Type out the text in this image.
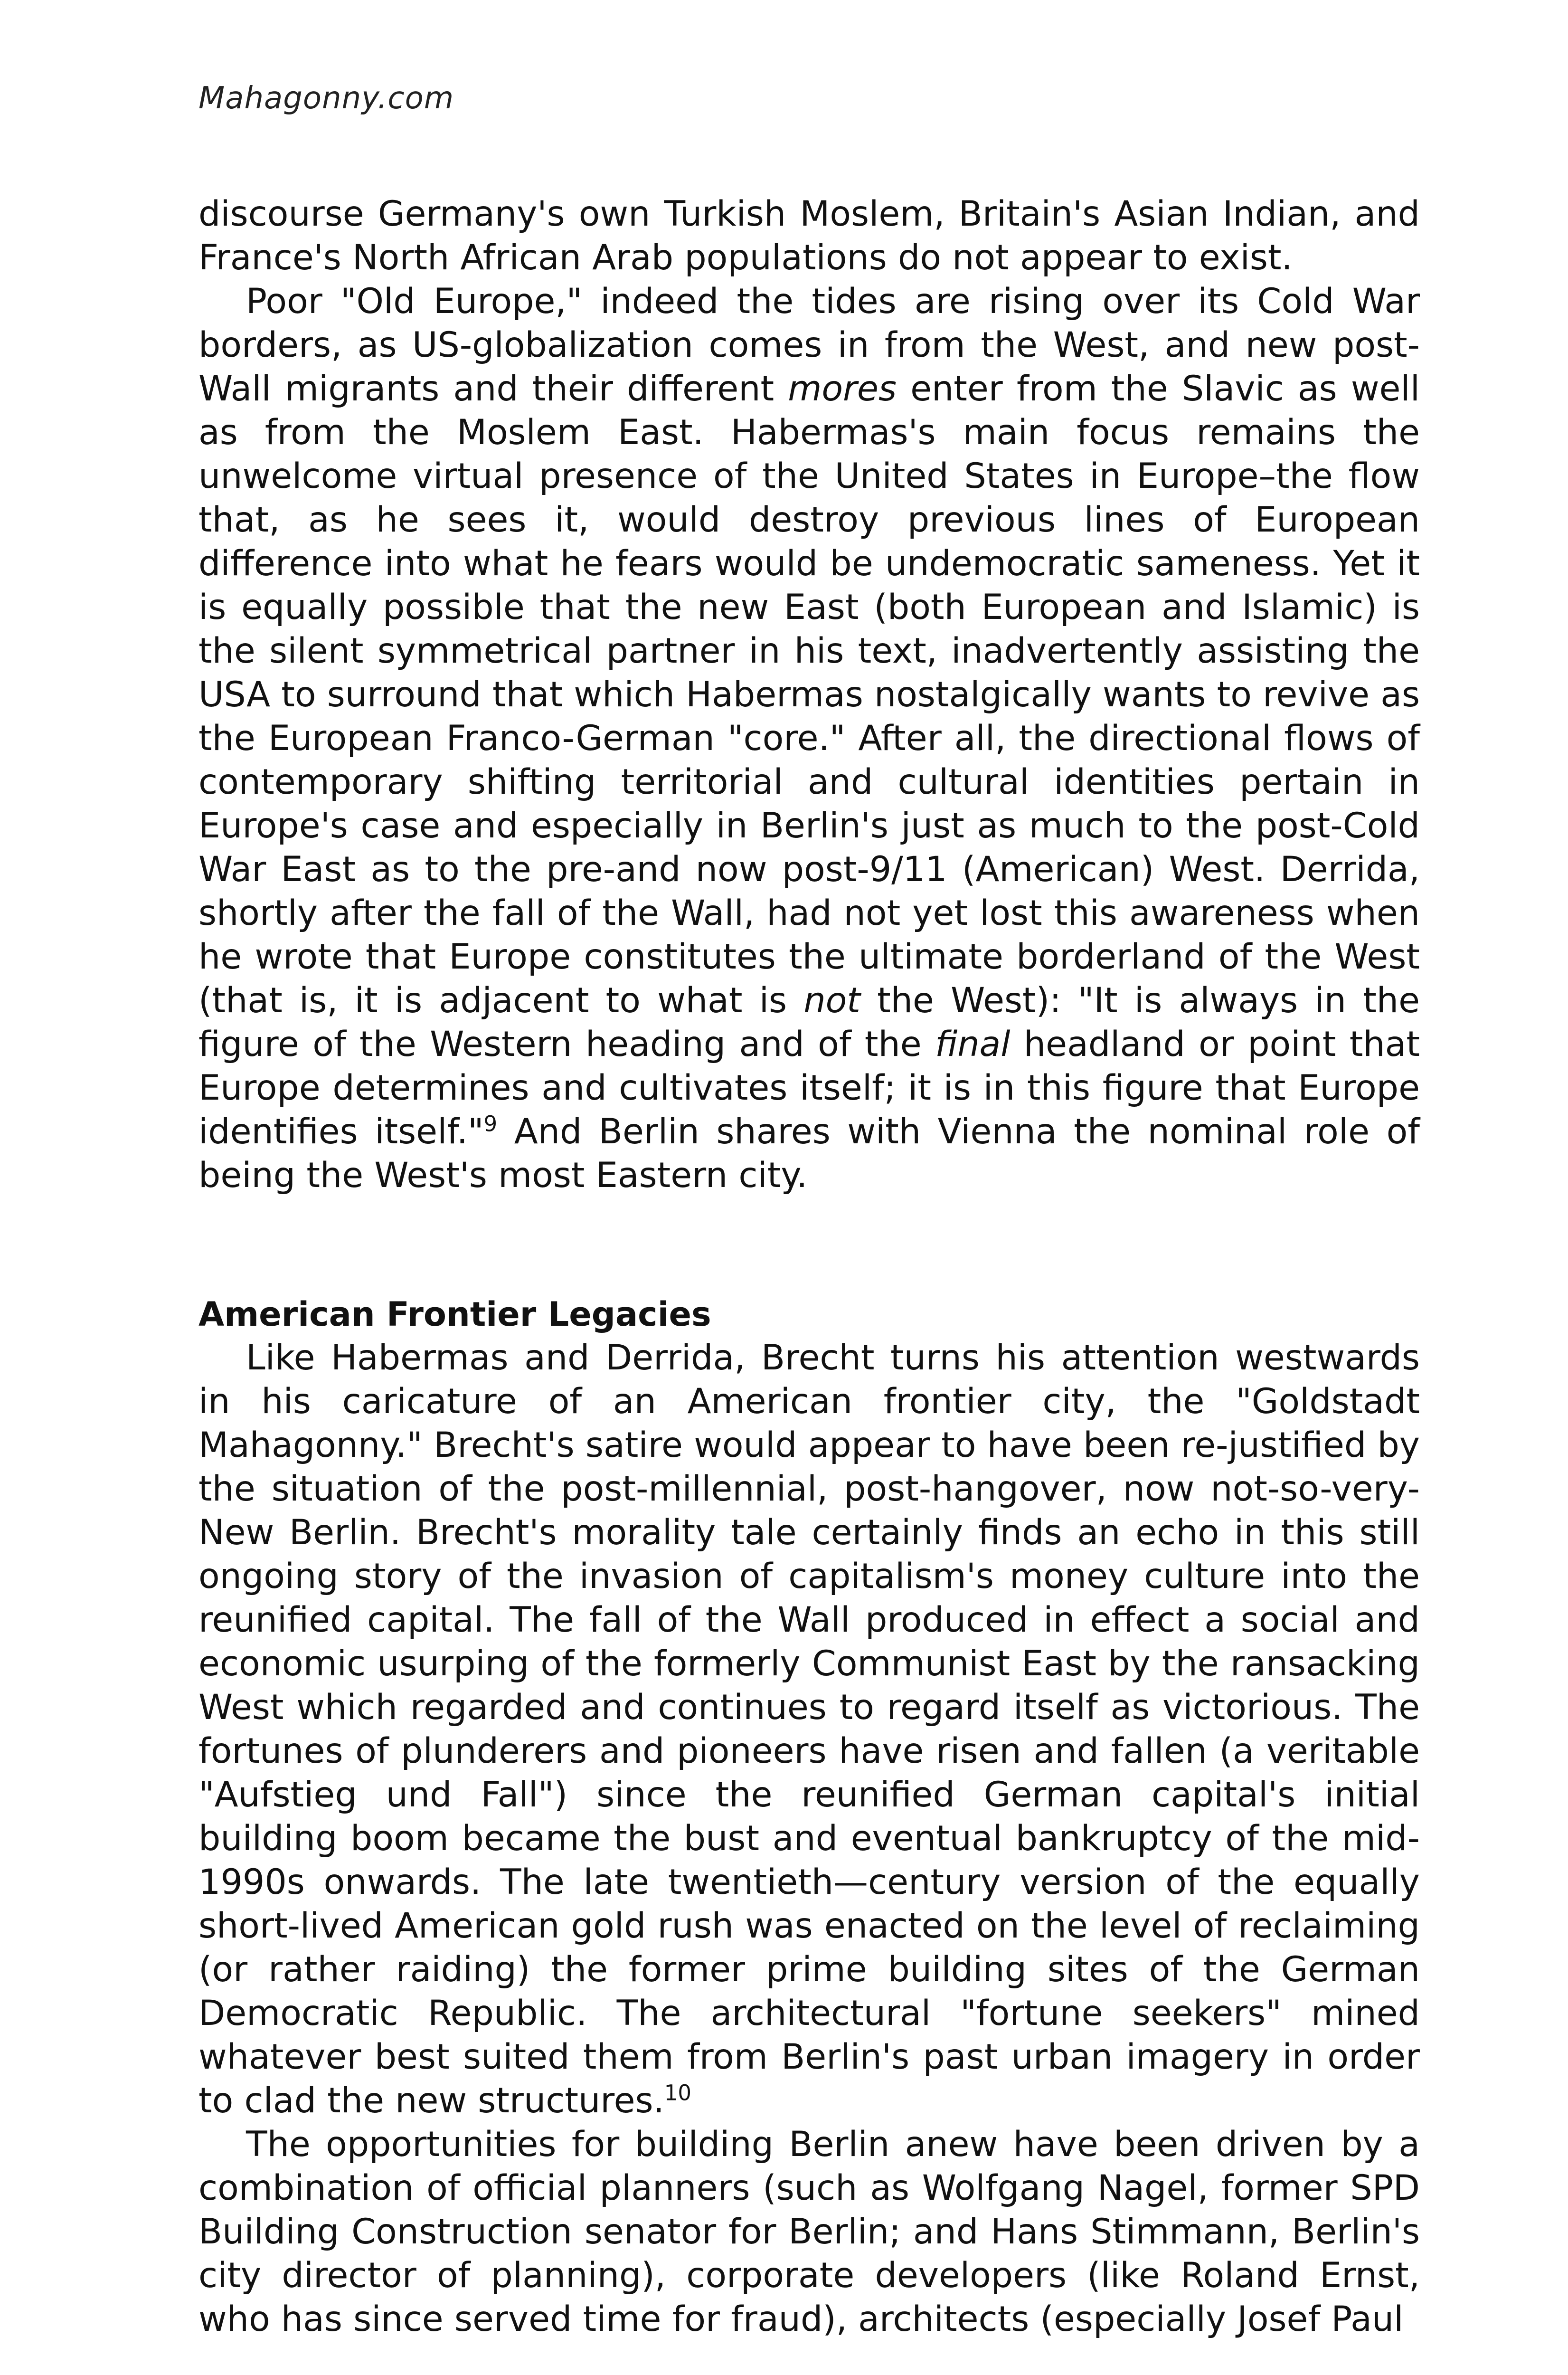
Mahagonny.com

discourse Germany's own Turkish Moslem, Britain's Asian Indian, and France's North African Arab populations do not appear to exist.

Poor "Old Europe," indeed the tides are rising over its Cold War borders, as US-globalization comes in from the West, and new post-Wall migrants and their different mores enter from the Slavic as well as from the Moslem East. Habermas's main focus remains the unwelcome virtual presence of the United States in Europe–the flow that, as he sees it, would destroy previous lines of European difference into what he fears would be undemocratic sameness. Yet it is equally possible that the new East (both European and Islamic) is the silent symmetrical partner in his text, inadvertently assisting the USA to surround that which Habermas nostalgically wants to revive as the European Franco-German "core." After all, the directional flows of contemporary shifting territorial and cultural identities pertain in Europe's case and especially in Berlin's just as much to the post-Cold War East as to the pre-and now post-9/11 (American) West. Derrida, shortly after the fall of the Wall, had not yet lost this awareness when he wrote that Europe constitutes the ultimate borderland of the West (that is, it is adjacent to what is not the West): "It is always in the figure of the Western heading and of the final headland or point that Europe determines and cultivates itself; it is in this figure that Europe identifies itself."$^9$ And Berlin shares with Vienna the nominal role of being the West's most Eastern city.

American Frontier Legacies

Like Habermas and Derrida, Brecht turns his attention westwards in his caricature of an American frontier city, the "Goldstadt Mahagonny." Brecht's satire would appear to have been re-justified by the situation of the post-millennial, post-hangover, now not-so-very-New Berlin. Brecht's morality tale certainly finds an echo in this still ongoing story of the invasion of capitalism's money culture into the reunified capital. The fall of the Wall produced in effect a social and economic usurping of the formerly Communist East by the ransacking West which regarded and continues to regard itself as victorious. The fortunes of plunderers and pioneers have risen and fallen (a veritable "Aufstieg und Fall") since the reunified German capital's initial building boom became the bust and eventual bankruptcy of the mid-1990s onwards. The late twentieth—century version of the equally short-lived American gold rush was enacted on the level of reclaiming (or rather raiding) the former prime building sites of the German Democratic Republic. The architectural "fortune seekers" mined whatever best suited them from Berlin's past urban imagery in order to clad the new structures.$^{10}$

The opportunities for building Berlin anew have been driven by a combination of official planners (such as Wolfgang Nagel, former SPD Building Construction senator for Berlin; and Hans Stimmann, Berlin's city director of planning), corporate developers (like Roland Ernst, who has since served time for fraud), architects (especially Josef Paul
